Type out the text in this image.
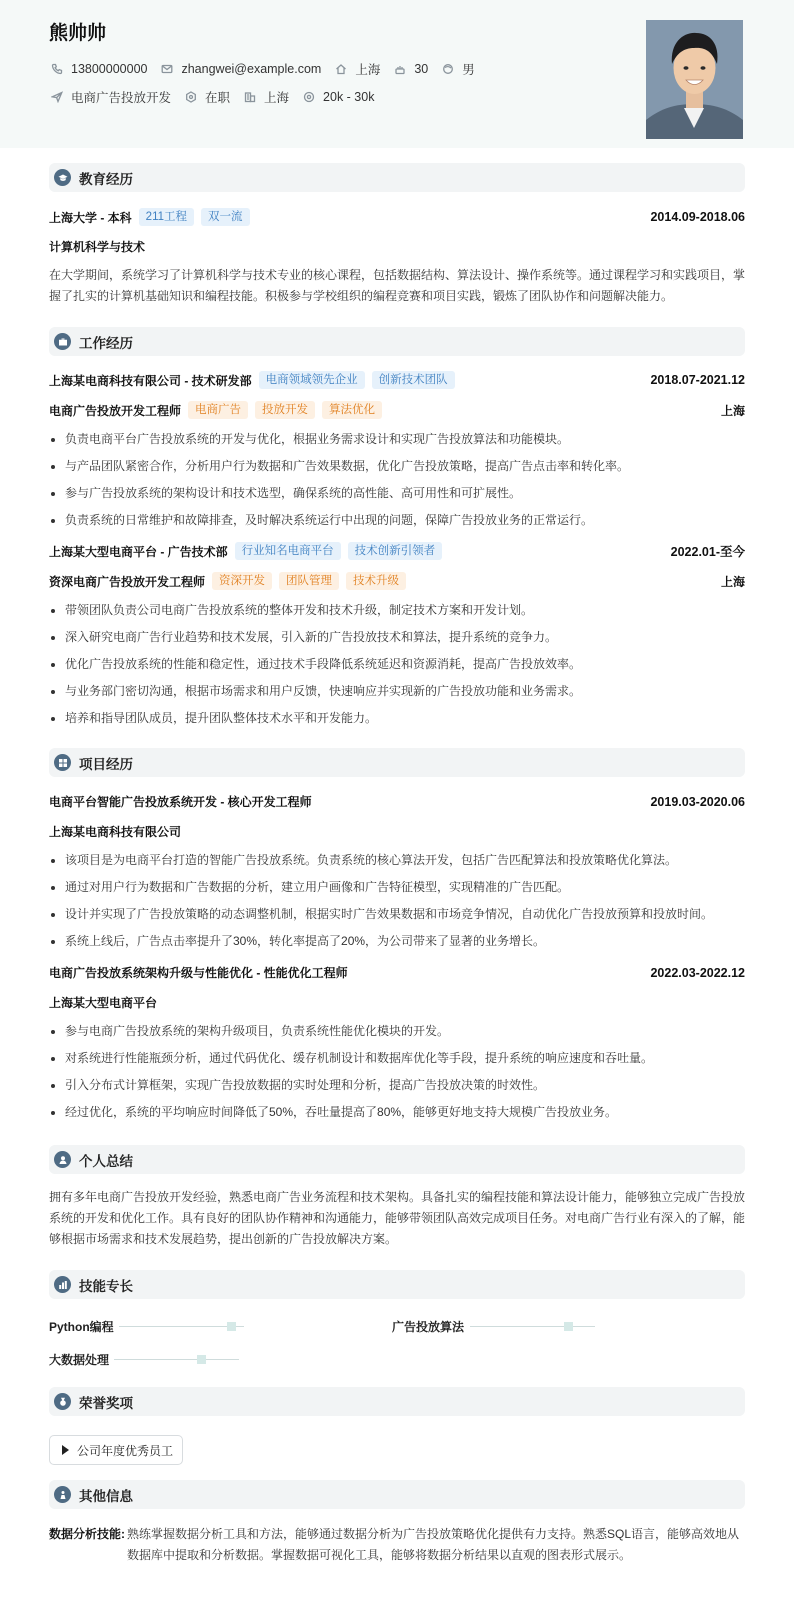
熊帅帅
13800000000	zhangwei@example.com	上海	30	男
电商广告投放开发	在职	上海	20k - 30k
教育经历
上海大学 - 本科	211工程	双一流	2014.09-2018.06
计算机科学与技术
在大学期间，系统学习了计算机科学与技术专业的核心课程，包括数据结构、算法设计、操作系统等。通过课程学习和实践项目，掌握了扎实的计算机基础知识和编程技能。积极参与学校组织的编程竞赛和项目实践，锻炼了团队协作和问题解决能力。
工作经历
上海某电商科技有限公司 - 技术研发部	电商领域领先企业	创新技术团队	2018.07-2021.12
电商广告投放开发工程师	电商广告	投放开发	算法优化	上海
负责电商平台广告投放系统的开发与优化，根据业务需求设计和实现广告投放算法和功能模块。
与产品团队紧密合作，分析用户行为数据和广告效果数据，优化广告投放策略，提高广告点击率和转化率。
参与广告投放系统的架构设计和技术选型，确保系统的高性能、高可用性和可扩展性。
负责系统的日常维护和故障排查，及时解决系统运行中出现的问题，保障广告投放业务的正常运行。
上海某大型电商平台 - 广告技术部	行业知名电商平台	技术创新引领者	2022.01-至今
资深电商广告投放开发工程师	资深开发	团队管理	技术升级	上海
带领团队负责公司电商广告投放系统的整体开发和技术升级，制定技术方案和开发计划。
深入研究电商广告行业趋势和技术发展，引入新的广告投放技术和算法，提升系统的竞争力。
优化广告投放系统的性能和稳定性，通过技术手段降低系统延迟和资源消耗，提高广告投放效率。
与业务部门密切沟通，根据市场需求和用户反馈，快速响应并实现新的广告投放功能和业务需求。
培养和指导团队成员，提升团队整体技术水平和开发能力。
项目经历
电商平台智能广告投放系统开发 - 核心开发工程师	2019.03-2020.06
上海某电商科技有限公司
该项目是为电商平台打造的智能广告投放系统。负责系统的核心算法开发，包括广告匹配算法和投放策略优化算法。
通过对用户行为数据和广告数据的分析，建立用户画像和广告特征模型，实现精准的广告匹配。
设计并实现了广告投放策略的动态调整机制，根据实时广告效果数据和市场竞争情况，自动优化广告投放预算和投放时间。
系统上线后，广告点击率提升了30%，转化率提高了20%，为公司带来了显著的业务增长。
电商广告投放系统架构升级与性能优化 - 性能优化工程师	2022.03-2022.12
上海某大型电商平台
参与电商广告投放系统的架构升级项目，负责系统性能优化模块的开发。
对系统进行性能瓶颈分析，通过代码优化、缓存机制设计和数据库优化等手段，提升系统的响应速度和吞吐量。
引入分布式计算框架，实现广告投放数据的实时处理和分析，提高广告投放决策的时效性。
经过优化，系统的平均响应时间降低了50%，吞吐量提高了80%，能够更好地支持大规模广告投放业务。
个人总结
拥有多年电商广告投放开发经验，熟悉电商广告业务流程和技术架构。具备扎实的编程技能和算法设计能力，能够独立完成广告投放系统的开发和优化工作。具有良好的团队协作精神和沟通能力，能够带领团队高效完成项目任务。对电商广告行业有深入的了解，能够根据市场需求和技术发展趋势，提出创新的广告投放解决方案。
技能专长
Python编程	广告投放算法
大数据处理
荣誉奖项
公司年度优秀员工
其他信息
数据分析技能: 熟练掌握数据分析工具和方法，能够通过数据分析为广告投放策略优化提供有力支持。熟悉SQL语言，能够高效地从数据库中提取和分析数据。掌握数据可视化工具，能够将数据分析结果以直观的图表形式展示。
